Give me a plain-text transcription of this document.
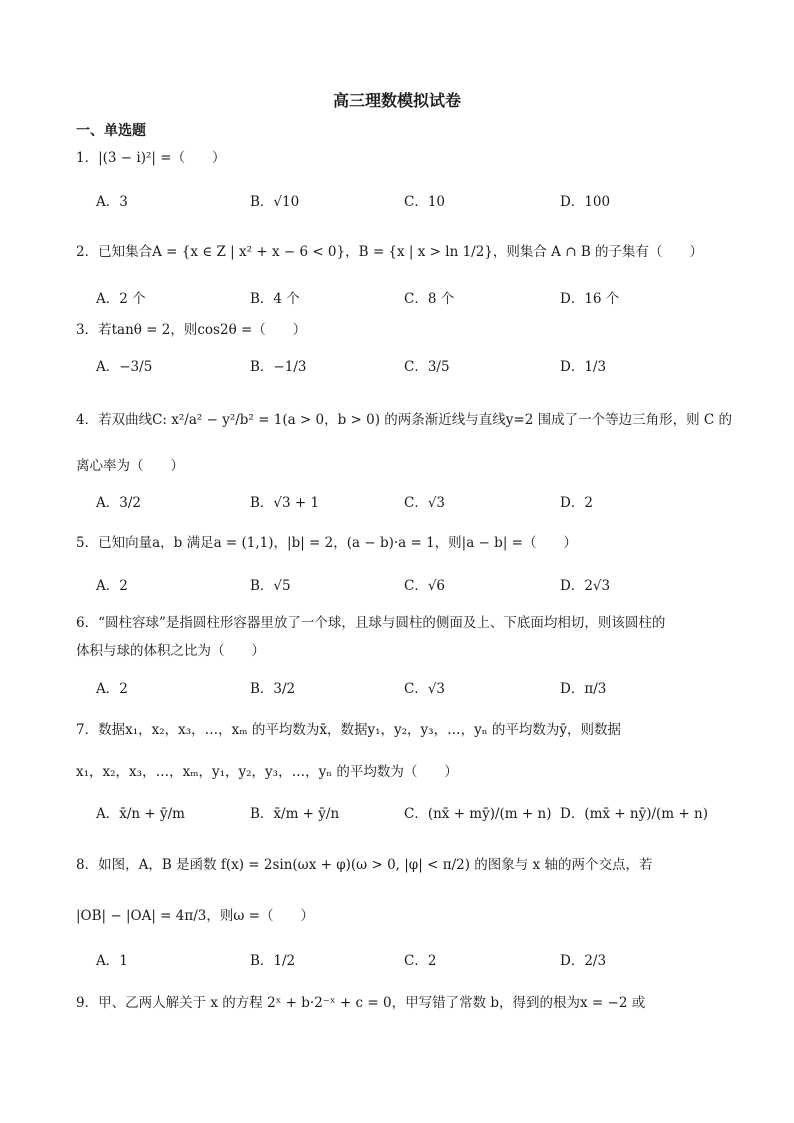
高三理数模拟试卷
一、单选题
1．|(3 − i)²| =（　　）
A．3	B．√10	C．10	D．100
2．已知集合A = {x ∈ Z | x² + x − 6 < 0}，B = {x | x > ln 1/2}，则集合 A ∩ B 的子集有（　　）
A．2 个	B．4 个	C．8 个	D．16 个
3．若tanθ = 2，则cos2θ =（　　）
A．−3/5	B．−1/3	C．3/5	D．1/3
4．若双曲线C: x²/a² − y²/b² = 1(a > 0，b > 0) 的两条渐近线与直线y=2 围成了一个等边三角形，则 C 的
离心率为（　　）
A．3/2	B．√3 + 1	C．√3	D．2
5．已知向量a，b 满足a = (1,1)，|b| = 2，(a − b)·a = 1，则|a − b| =（　　）
A．2	B．√5	C．√6	D．2√3
6．“圆柱容球”是指圆柱形容器里放了一个球，且球与圆柱的侧面及上、下底面均相切，则该圆柱的
体积与球的体积之比为（　　）
A．2	B．3/2	C．√3	D．π/3
7．数据x₁，x₂，x₃，…，xₘ 的平均数为x̄，数据y₁，y₂，y₃，…，yₙ 的平均数为ȳ，则数据
x₁，x₂，x₃，…，xₘ，y₁，y₂，y₃，…，yₙ 的平均数为（　　）
A．x̄/n + ȳ/m	B．x̄/m + ȳ/n	C．(nx̄ + mȳ)/(m + n) D．(mx̄ + nȳ)/(m + n)
8．如图，A，B 是函数 f(x) = 2sin(ωx + φ)(ω > 0, |φ| < π/2) 的图象与 x 轴的两个交点，若
|OB| − |OA| = 4π/3，则ω =（　　）
A．1	B．1/2	C．2	D．2/3
9．甲、乙两人解关于 x 的方程 2ˣ + b·2⁻ˣ + c = 0，甲写错了常数 b，得到的根为x = −2 或
